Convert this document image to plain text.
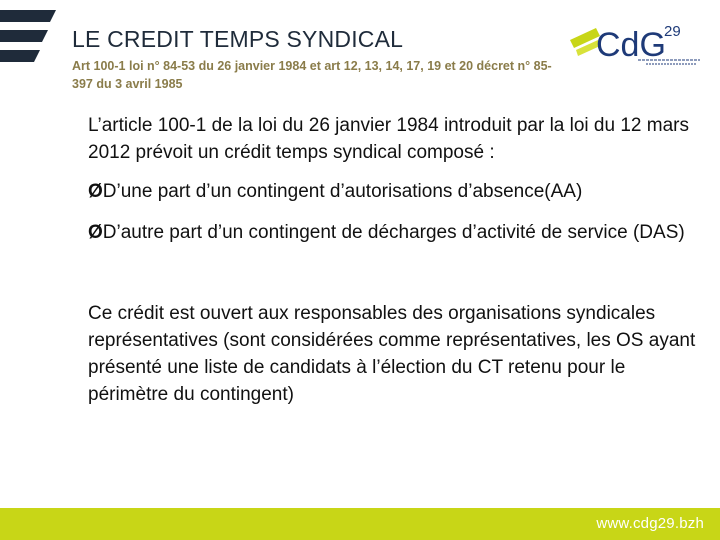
LE CREDIT TEMPS SYNDICAL
Art 100-1 loi n° 84-53 du 26 janvier 1984 et art 12, 13, 14, 17, 19 et 20 décret n° 85-397 du 3 avril 1985
CdG
29

L’article 100-1 de la loi du 26 janvier 1984 introduit par la loi du 12 mars 2012 prévoit un crédit temps syndical composé :

ØD’une part d’un contingent d’autorisations d’absence(AA)

ØD’autre part d’un contingent de décharges d’activité de service (DAS)

Ce crédit est ouvert aux responsables des organisations syndicales représentatives (sont considérées comme représentatives, les OS ayant présenté une liste de candidats à l’élection du CT retenu pour le périmètre du contingent)

www.cdg29.bzh
